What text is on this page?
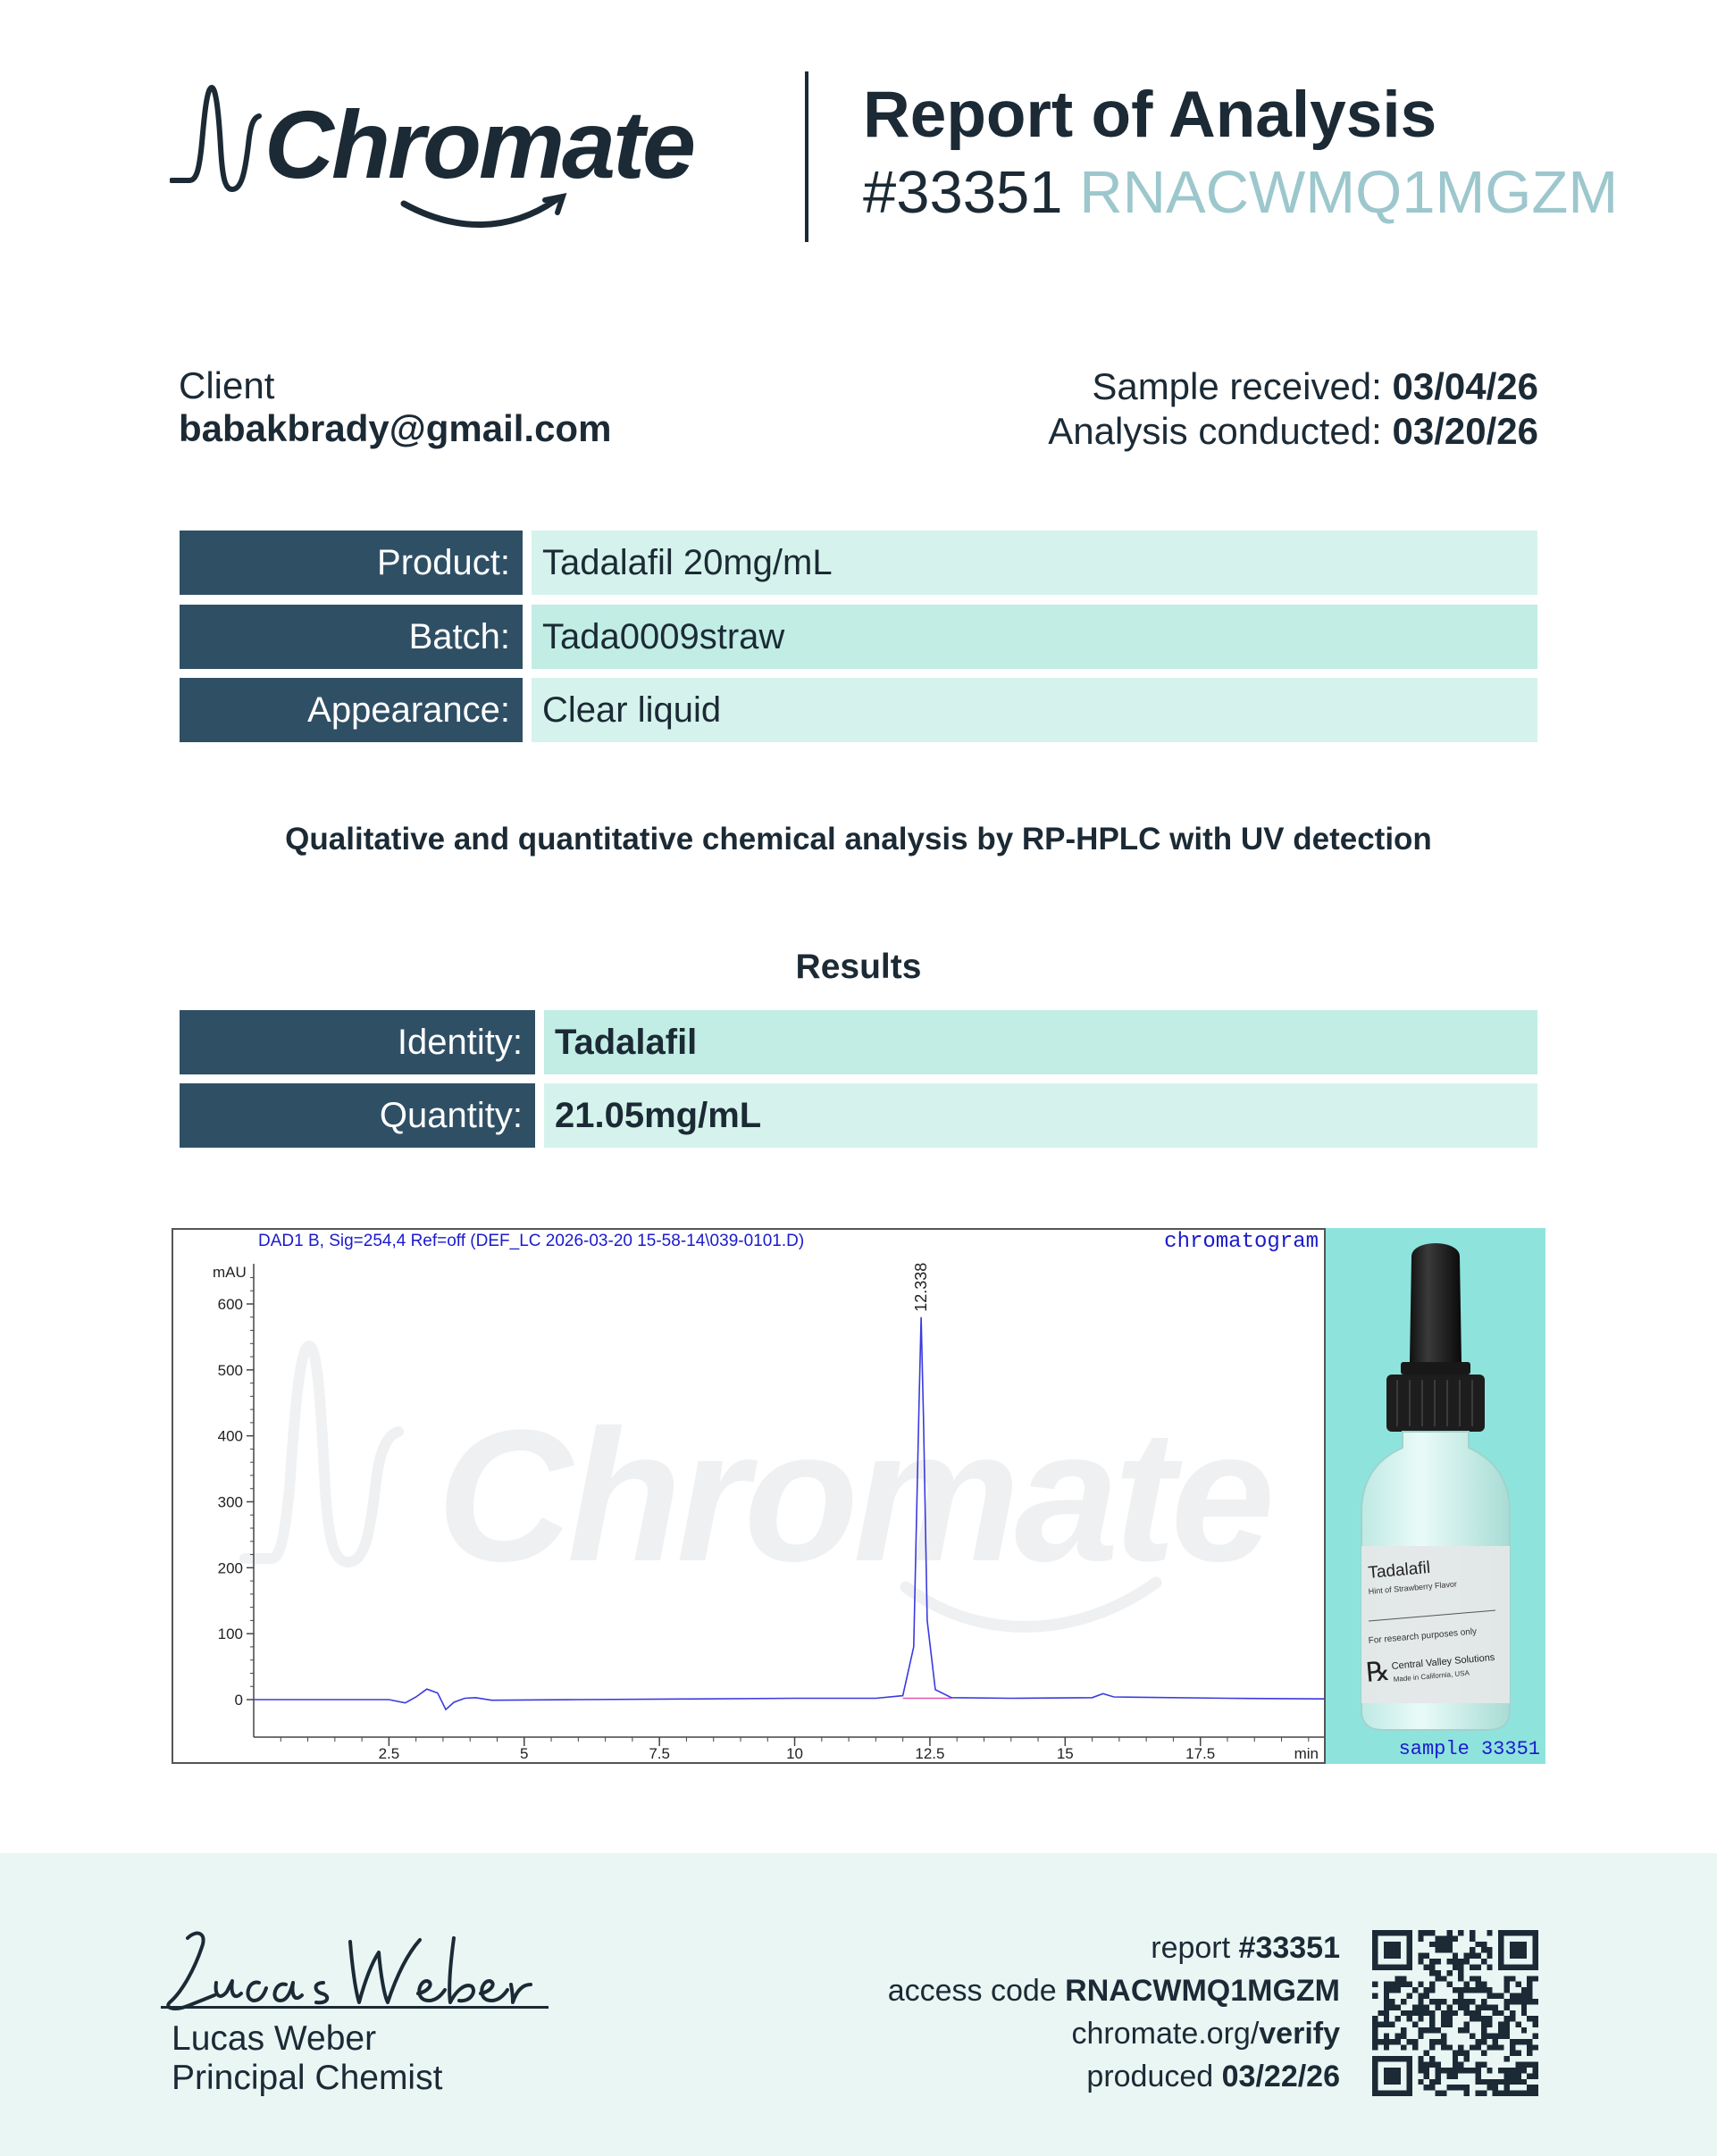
Chromate	Report of Analysis
#33351 RNACWMQ1MGZM
Client
babakbrady@gmail.com
Sample received: 03/04/26
Analysis conducted: 03/20/26
Product: Tadalafil 20mg/mL
Batch: Tada0009straw
Appearance: Clear liquid
Qualitative and quantitative chemical analysis by RP-HPLC with UV detection
Results
Identity: Tadalafil
Quantity: 21.05mg/mL
Chromate
0
100
200
300
400
500
600
2.5	5	7.5	10	12.5	15	17.5	min
12.338
DAD1 B, Sig=254,4 Ref=off (DEF_LC 2026-03-20 15-58-14\039-0101.D)	chromatogram
mAU
Tadalafil
Hint of Strawberry Flavor
For research purposes only
℞ Central Valley Solutions
Made in California, USA
sample 33351
Lucas Weber
Principal Chemist
report #33351
access code RNACWMQ1MGZM
chromate.org/verify
produced 03/22/26
